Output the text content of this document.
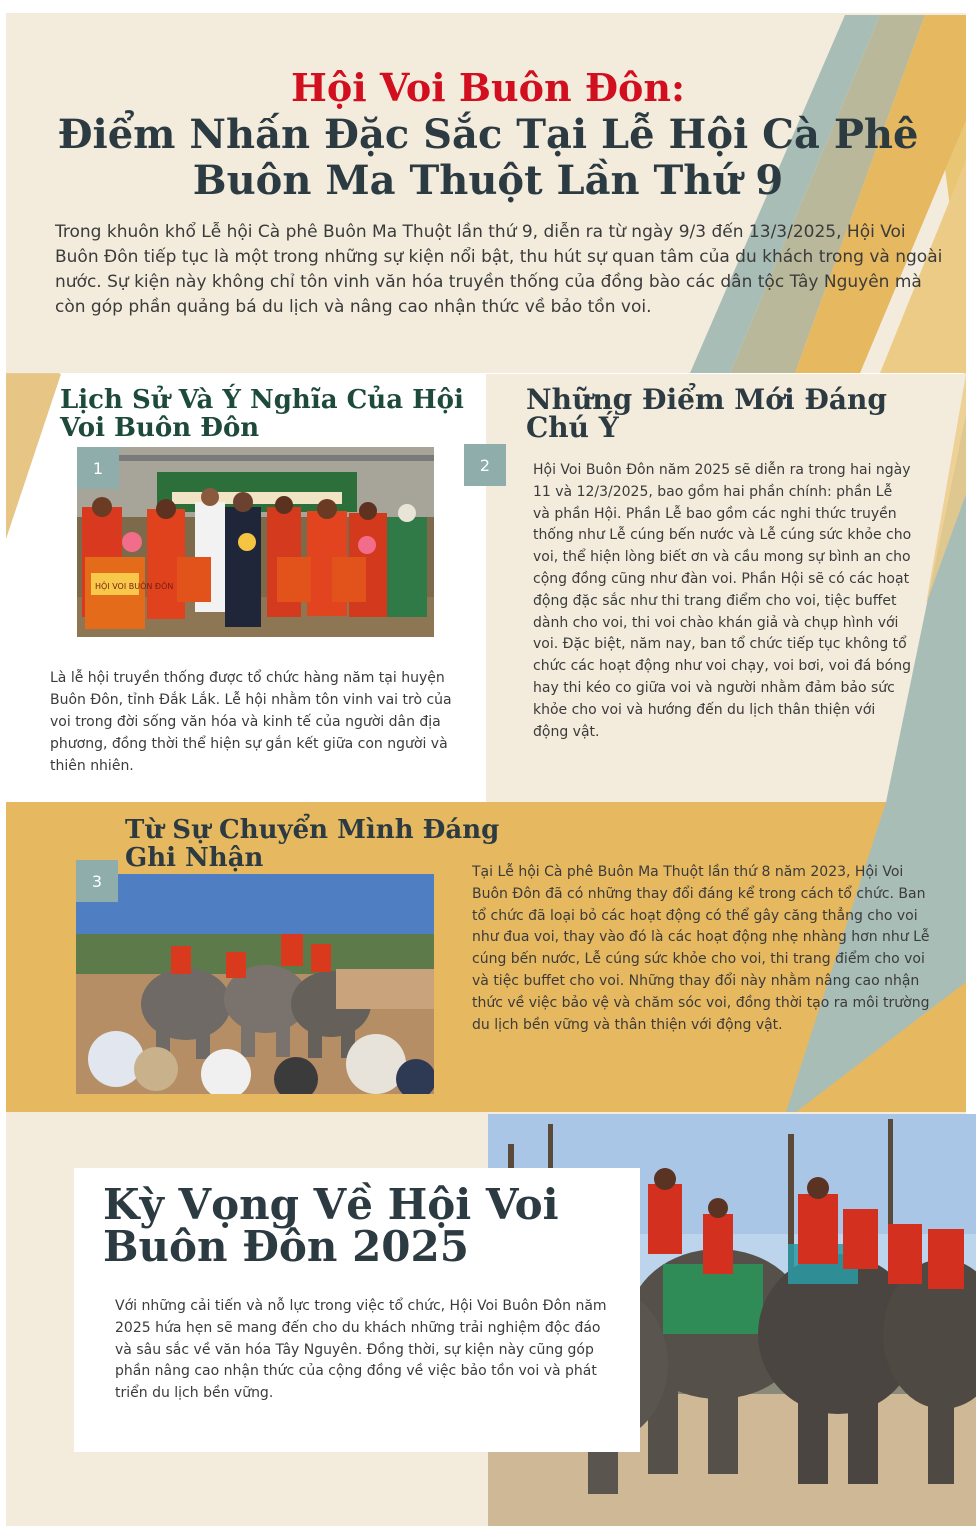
Hội Voi Buôn Đôn:
Điểm Nhấn Đặc Sắc Tại Lễ Hội Cà Phê Buôn Ma Thuột Lần Thứ 9
Trong khuôn khổ Lễ hội Cà phê Buôn Ma Thuột lần thứ 9, diễn ra từ ngày 9/3 đến 13/3/2025, Hội Voi Buôn Đôn tiếp tục là một trong những sự kiện nổi bật, thu hút sự quan tâm của du khách trong và ngoài nước. Sự kiện này không chỉ tôn vinh văn hóa truyền thống của đồng bào các dân tộc Tây Nguyên mà còn góp phần quảng bá du lịch và nâng cao nhận thức về bảo tồn voi.
Lịch Sử Và Ý Nghĩa Của Hội Voi Buôn Đôn
HỘI VOI BUÔN ĐÔN
1
Là lễ hội truyền thống được tổ chức hàng năm tại huyện Buôn Đôn, tỉnh Đắk Lắk. Lễ hội nhằm tôn vinh vai trò của voi trong đời sống văn hóa và kinh tế của người dân địa phương, đồng thời thể hiện sự gắn kết giữa con người và thiên nhiên.
Những Điểm Mới Đáng Chú Ý
2	Hội Voi Buôn Đôn năm 2025 sẽ diễn ra trong hai ngày 11 và 12/3/2025, bao gồm hai phần chính: phần Lễ và phần Hội. Phần Lễ bao gồm các nghi thức truyền thống như Lễ cúng bến nước và Lễ cúng sức khỏe cho voi, thể hiện lòng biết ơn và cầu mong sự bình an cho cộng đồng cũng như đàn voi. Phần Hội sẽ có các hoạt động đặc sắc như thi trang điểm cho voi, tiệc buffet dành cho voi, thi voi chào khán giả và chụp hình với voi. Đặc biệt, năm nay, ban tổ chức tiếp tục không tổ chức các hoạt động như voi chạy, voi bơi, voi đá bóng hay thi kéo co giữa voi và người nhằm đảm bảo sức khỏe cho voi và hướng đến du lịch thân thiện với động vật.
Từ Sự Chuyển Mình Đáng Ghi Nhận
3	Tại Lễ hội Cà phê Buôn Ma Thuột lần thứ 8 năm 2023, Hội Voi Buôn Đôn đã có những thay đổi đáng kể trong cách tổ chức. Ban tổ chức đã loại bỏ các hoạt động có thể gây căng thẳng cho voi như đua voi, thay vào đó là các hoạt động nhẹ nhàng hơn như Lễ cúng bến nước, Lễ cúng sức khỏe cho voi, thi trang điểm cho voi và tiệc buffet cho voi. Những thay đổi này nhằm nâng cao nhận thức về việc bảo vệ và chăm sóc voi, đồng thời tạo ra môi trường du lịch bền vững và thân thiện với động vật.
Kỳ Vọng Về Hội Voi Buôn Đôn 2025
Với những cải tiến và nỗ lực trong việc tổ chức, Hội Voi Buôn Đôn năm 2025 hứa hẹn sẽ mang đến cho du khách những trải nghiệm độc đáo và sâu sắc về văn hóa Tây Nguyên. Đồng thời, sự kiện này cũng góp phần nâng cao nhận thức của cộng đồng về việc bảo tồn voi và phát triển du lịch bền vững.
